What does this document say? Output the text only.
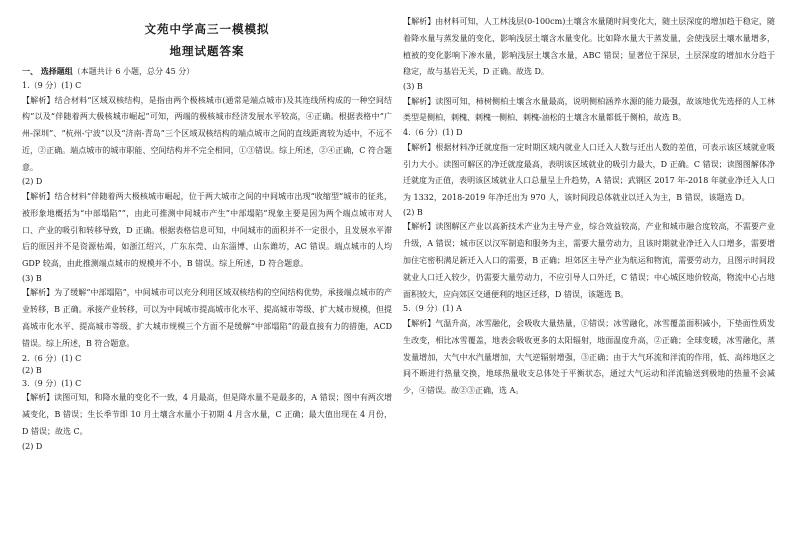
文苑中学高三一模模拟

地理试题答案

一、 选择题组（本题共计 6 小题，总分 45 分）

1.（9 分）(1) C

【解析】结合材料“区域双核结构，是指由两个极核城市(通常是端点城市)及其连线所构成的一种空间结构”以及“伴随着两大极核城市崛起”可知，两端的极核城市经济发展水平较高，④正确。根据表格中“广州-深圳”、“杭州-宁波”以及“济南-青岛”三个区域双核结构的端点城市之间的直线距离较为适中，不远不近，②正确。端点城市的城市职能、空间结构并不完全相同，①③错误。综上所述，②④正确，C 符合题意。

(2) D

【解析】结合材料“伴随着两大极核城市崛起，位于两大城市之间的中间城市出现“收缩型”城市的征兆，被形象地概括为“中部塌陷””，由此可推测中间城市产生“中部塌陷”现象主要是因为两个端点城市对人口、产业的吸引和转移导致，D 正确。根据表格信息可知，中间城市的面积并不一定很小，且发展水平滞后的原因并不是资源枯竭，如浙江绍兴，广东东莞、山东淄博、山东潍坊，AC 错误。端点城市的人均 GDP 较高，由此推测端点城市的规模并不小，B 错误。综上所述，D 符合题意。

(3) B

【解析】为了缓解“中部塌陷”，中间城市可以充分利用区域双核结构的空间结构优势，承接端点城市的产业转移，B 正确。承接产业转移，可以为中间城市提高城市化水平、提高城市等级、扩大城市规模，但提高城市化水平、提高城市等级、扩大城市规模三个方面不是缓解“中部塌陷”的最直接有力的措施，ACD 错误。综上所述，B 符合题意。

2.（6 分）(1) C

(2) B

3.（9 分）(1) C

【解析】读图可知，和降水量的变化不一致，4 月最高，但是降水量不是最多的，A 错误；图中有两次增减变化，B 错误；生长季节即 10 月土壤含水量小于初期 4 月含水量，C 正确；最大值出现在 4 月份，D 错误；故选 C。

(2) D

【解析】由材料可知，人工林浅层(0-100cm)土壤含水量随时间变化大，随土层深度的增加趋于稳定，随着降水量与蒸发量的变化，影响浅层土壤含水量变化。比如降水量大于蒸发量，会使浅层土壤水量增多，植被的变化影响下渗水量，影响浅层土壤含水量，ABC 错误；显著位于深层，土层深度的增加水分趋于稳定，故与基岩无关，D 正确。故选 D。

(3) B

【解析】读图可知，柿树侧柏土壤含水量最高，说明侧柏涵养水源的能力最强，故该地优先选择的人工林类型是侧柏，刺槐、刺槐一侧柏、刺槐-油松的土壤含水量都低于侧柏，故选 B。

4.（6 分）(1) D

【解析】根据材料净迁就度指一定时期区域内就业人口迁入人数与迁出人数的差值，可表示该区域就业吸引力大小。读图可解区的净迁就度最高，表明该区域就业的吸引力最大，D 正确。C 错误；读图图解体净迁就度为正值，表明该区域就业人口总量呈上升趋势，A 错误；武钢区 2017 年-2018 年就业净迁入人口为 1332，2018-2019 年净迁出为 970 人，该时间段总体就业以迁入为主，B 错误，该题选 D。

(2) B

【解析】读图解区产业以高新技术产业为主导产业，综合效益较高，产业和城市融合度较高，不需要产业升级，A 错误；城市区以汉军制造和服务为主，需要大量劳动力，且该时期就业净迁入人口增多，需要增加住宅密积满足新迁入人口的需要，B 正确；坦郊区主导产业为航运和物流，需要劳动力，且图示时间段就业人口迁入较少，仍需要大量劳动力，不应引导人口外迁，C 错误；中心城区地价较高，物流中心占地面积较大，应向郊区交通便利的地区迁移，D 错误，该题选 B。

5.（9 分）(1) A

【解析】气温升高，冰雪融化，会吸收大量热量，①错误；冰雪融化，冰雪覆盖面积减小，下垫面性质发生改变，相比冰雪覆盖，地表会吸收更多的太阳辐射，地面温度升高，②正确；全球变暖，冰雪融化，蒸发量增加，大气中水汽量增加，大气逆辐射增强，③正确；由于大气环流和洋流的作用，低、高纬地区之间不断进行热量交换，地球热量收支总体处于平衡状态，通过大气运动和洋流输送到极地的热量不会减少，④错误。故②③正确，选 A。
